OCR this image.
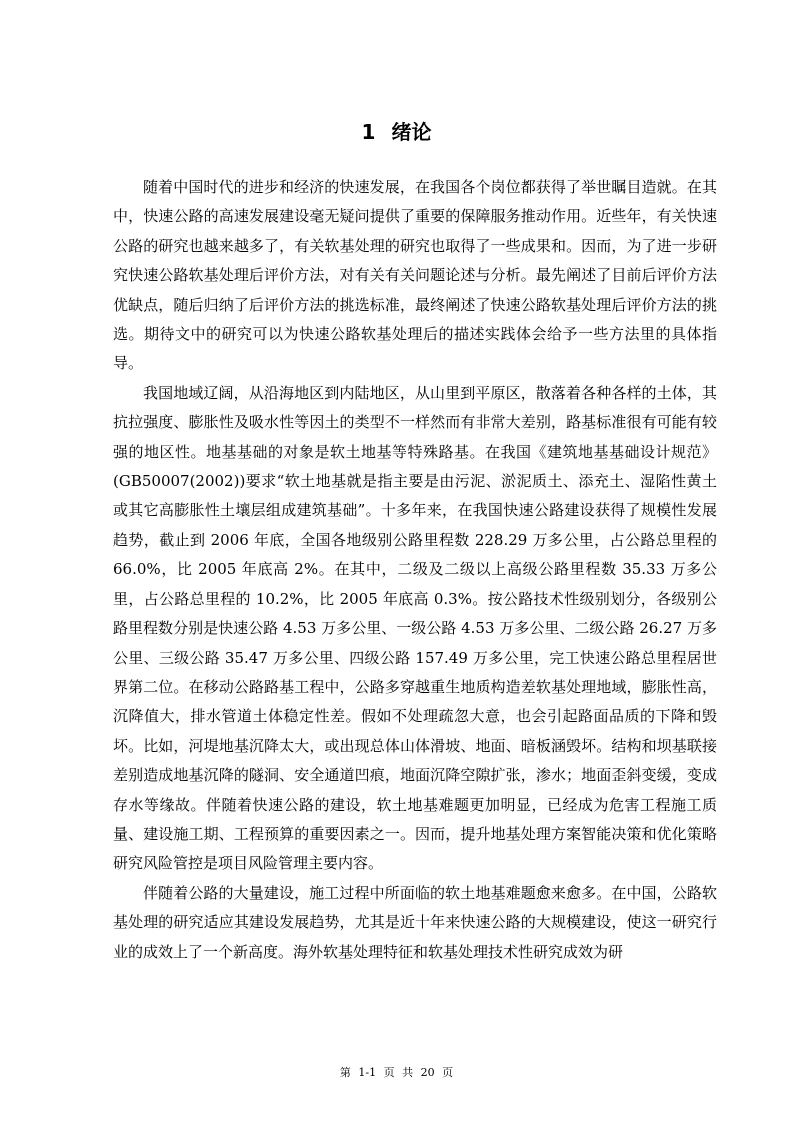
1 绪论

随着中国时代的进步和经济的快速发展，在我国各个岗位都获得了举世瞩目造就。在其中，快速公路的高速发展建设毫无疑问提供了重要的保障服务推动作用。近些年，有关快速公路的研究也越来越多了，有关软基处理的研究也取得了一些成果和。因而，为了进一步研究快速公路软基处理后评价方法，对有关有关问题论述与分析。最先阐述了目前后评价方法优缺点，随后归纳了后评价方法的挑选标准，最终阐述了快速公路软基处理后评价方法的挑选。期待文中的研究可以为快速公路软基处理后的描述实践体会给予一些方法里的具体指导。

我国地域辽阔，从沿海地区到内陆地区，从山里到平原区，散落着各种各样的土体，其抗拉强度、膨胀性及吸水性等因土的类型不一样然而有非常大差别，路基标准很有可能有较强的地区性。地基基础的对象是软土地基等特殊路基。在我国《建筑地基基础设计规范》(GB50007(2002))要求“软土地基就是指主要是由污泥、淤泥质土、添充土、湿陷性黄土或其它高膨胀性土壤层组成建筑基础”。十多年来，在我国快速公路建设获得了规模性发展趋势，截止到 2006 年底，全国各地级别公路里程数 228.29 万多公里，占公路总里程的 66.0%，比 2005 年底高 2%。在其中，二级及二级以上高级公路里程数 35.33 万多公里，占公路总里程的 10.2%，比 2005 年底高 0.3%。按公路技术性级别划分，各级别公路里程数分别是快速公路 4.53 万多公里、一级公路 4.53 万多公里、二级公路 26.27 万多公里、三级公路 35.47 万多公里、四级公路 157.49 万多公里，完工快速公路总里程居世界第二位。在移动公路路基工程中，公路多穿越重生地质构造差软基处理地域，膨胀性高，沉降值大，排水管道土体稳定性差。假如不处理疏忽大意，也会引起路面品质的下降和毁坏。比如，河堤地基沉降太大，或出现总体山体滑坡、地面、暗板涵毁坏。结构和坝基联接差别造成地基沉降的隧洞、安全通道凹痕，地面沉降空隙扩张，渗水；地面歪斜变缓，变成存水等缘故。伴随着快速公路的建设，软土地基难题更加明显，已经成为危害工程施工质量、建设施工期、工程预算的重要因素之一。因而，提升地基处理方案智能决策和优化策略研究风险管控是项目风险管理主要内容。

伴随着公路的大量建设，施工过程中所面临的软土地基难题愈来愈多。在中国，公路软基处理的研究适应其建设发展趋势，尤其是近十年来快速公路的大规模建设，使这一研究行业的成效上了一个新高度。海外软基处理特征和软基处理技术性研究成效为研

第 1-1 页 共 20 页
